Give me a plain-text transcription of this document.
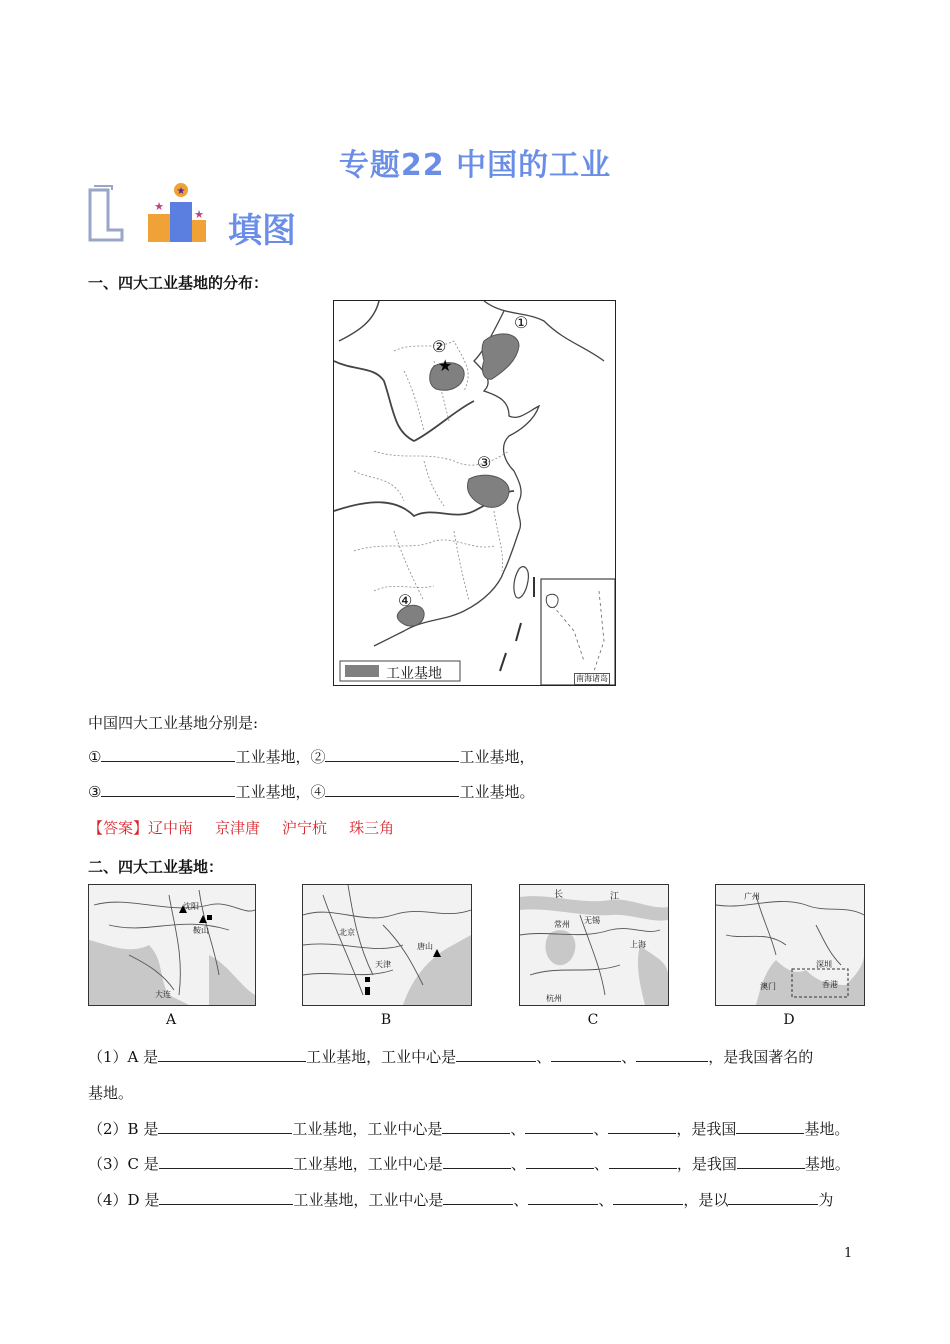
专题22 中国的工业
★
★
★ 填图
一、四大工业基地的分布：
★
①
②
③
④
工业基地	南海诸岛
中国四大工业基地分别是:
①	工业基地，②	工业基地，
③	工业基地，④	工业基地。
【答案】辽中南 京津唐 沪宁杭 珠三角
二、四大工业基地：
沈阳
鞍山
大连
A
北京
天津
唐山
B
长	江
常州 无锡
上海
杭州
C
广州
深圳
澳门	香港
D
（1）A 是	工业基地，工业中心是	、	、	，是我国著名的
基地。
（2）B 是	工业基地，工业中心是	、	、	，是我国	基地。
（3）C 是	工业基地，工业中心是	、	、	，是我国	基地。
（4）D 是	工业基地，工业中心是	、	、	，是以	为
1
